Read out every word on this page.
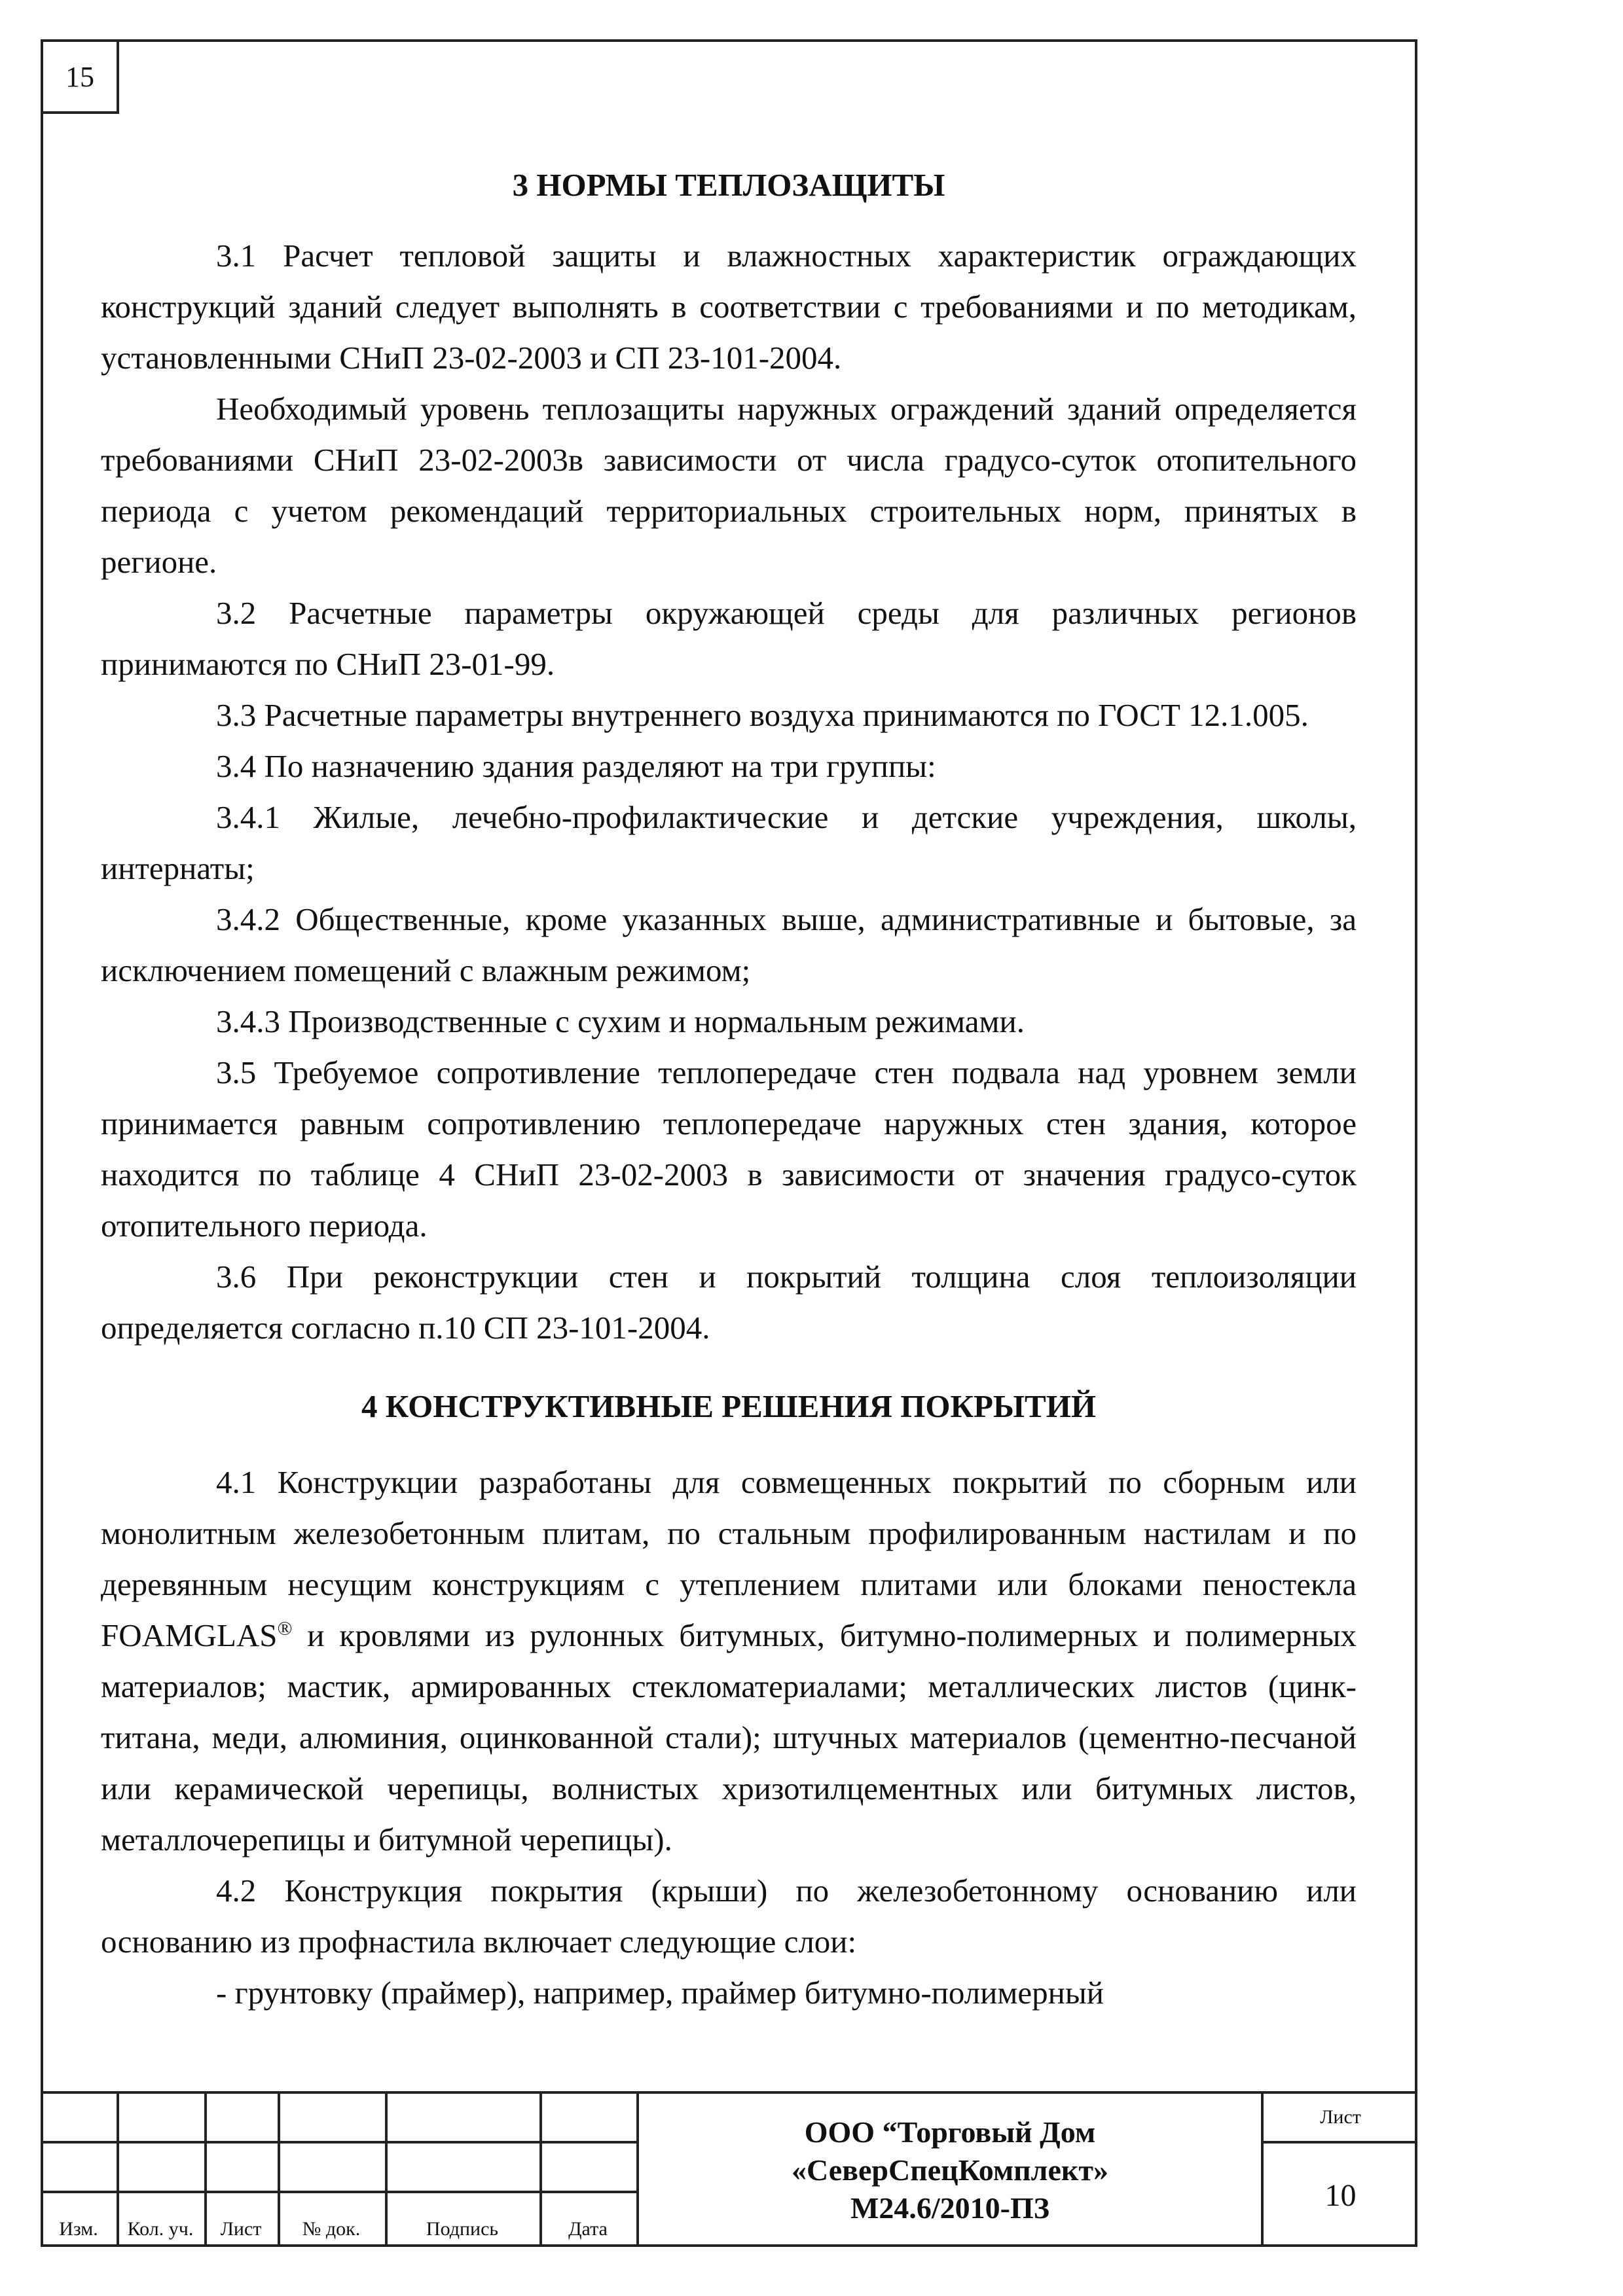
15
3 НОРМЫ ТЕПЛОЗАЩИТЫ

3.1 Расчет тепловой защиты и влажностных характеристик ограждающих конструкций зданий следует выполнять в соответствии с требованиями и по методикам, установленными СНиП 23-02-2003 и СП 23-101-2004.

Необходимый уровень теплозащиты наружных ограждений зданий определяется требованиями СНиП 23-02-2003в зависимости от числа градусо-суток отопительного периода с учетом рекомендаций территориальных строительных норм, принятых в регионе.

3.2 Расчетные параметры окружающей среды для различных регионов принимаются по СНиП 23-01-99.

3.3 Расчетные параметры внутреннего воздуха принимаются по ГОСТ 12.1.005.

3.4 По назначению здания разделяют на три группы:

3.4.1 Жилые, лечебно-профилактические и детские учреждения, школы, интернаты;

3.4.2 Общественные, кроме указанных выше, административные и бытовые, за исключением помещений с влажным режимом;

3.4.3 Производственные с сухим и нормальным режимами.

3.5 Требуемое сопротивление теплопередаче стен подвала над уровнем земли принимается равным сопротивлению теплопередаче наружных стен здания, которое находится по таблице 4 СНиП 23-02-2003 в зависимости от значения градусо-суток отопительного периода.

3.6 При реконструкции стен и покрытий толщина слоя теплоизоляции определяется согласно п.10 СП 23-101-2004.

4 КОНСТРУКТИВНЫЕ РЕШЕНИЯ ПОКРЫТИЙ

4.1 Конструкции разработаны для совмещенных покрытий по сборным или монолитным железобетонным плитам, по стальным профилированным настилам и по деревянным несущим конструкциям с утеплением плитами или блоками пеностекла FOAMGLAS® и кровлями из рулонных битумных, битумно-полимерных и полимерных материалов; мастик, армированных стекломатериалами; металлических листов (цинк-титана, меди, алюминия, оцинкованной стали); штучных материалов (цементно-песчаной или керамической черепицы, волнистых хризотилцементных или битумных листов, металлочерепицы и битумной черепицы).

4.2 Конструкция покрытия (крыши) по железобетонному основанию или основанию из профнастила включает следующие слои:

- грунтовку (праймер), например, праймер битумно-полимерный

Изм.	Кол. уч.	Лист	№ док.	Подпись	Дата
ООО “Торговый Дом
«СеверСпецКомплект»
М24.6/2010-ПЗ
Лист
10
